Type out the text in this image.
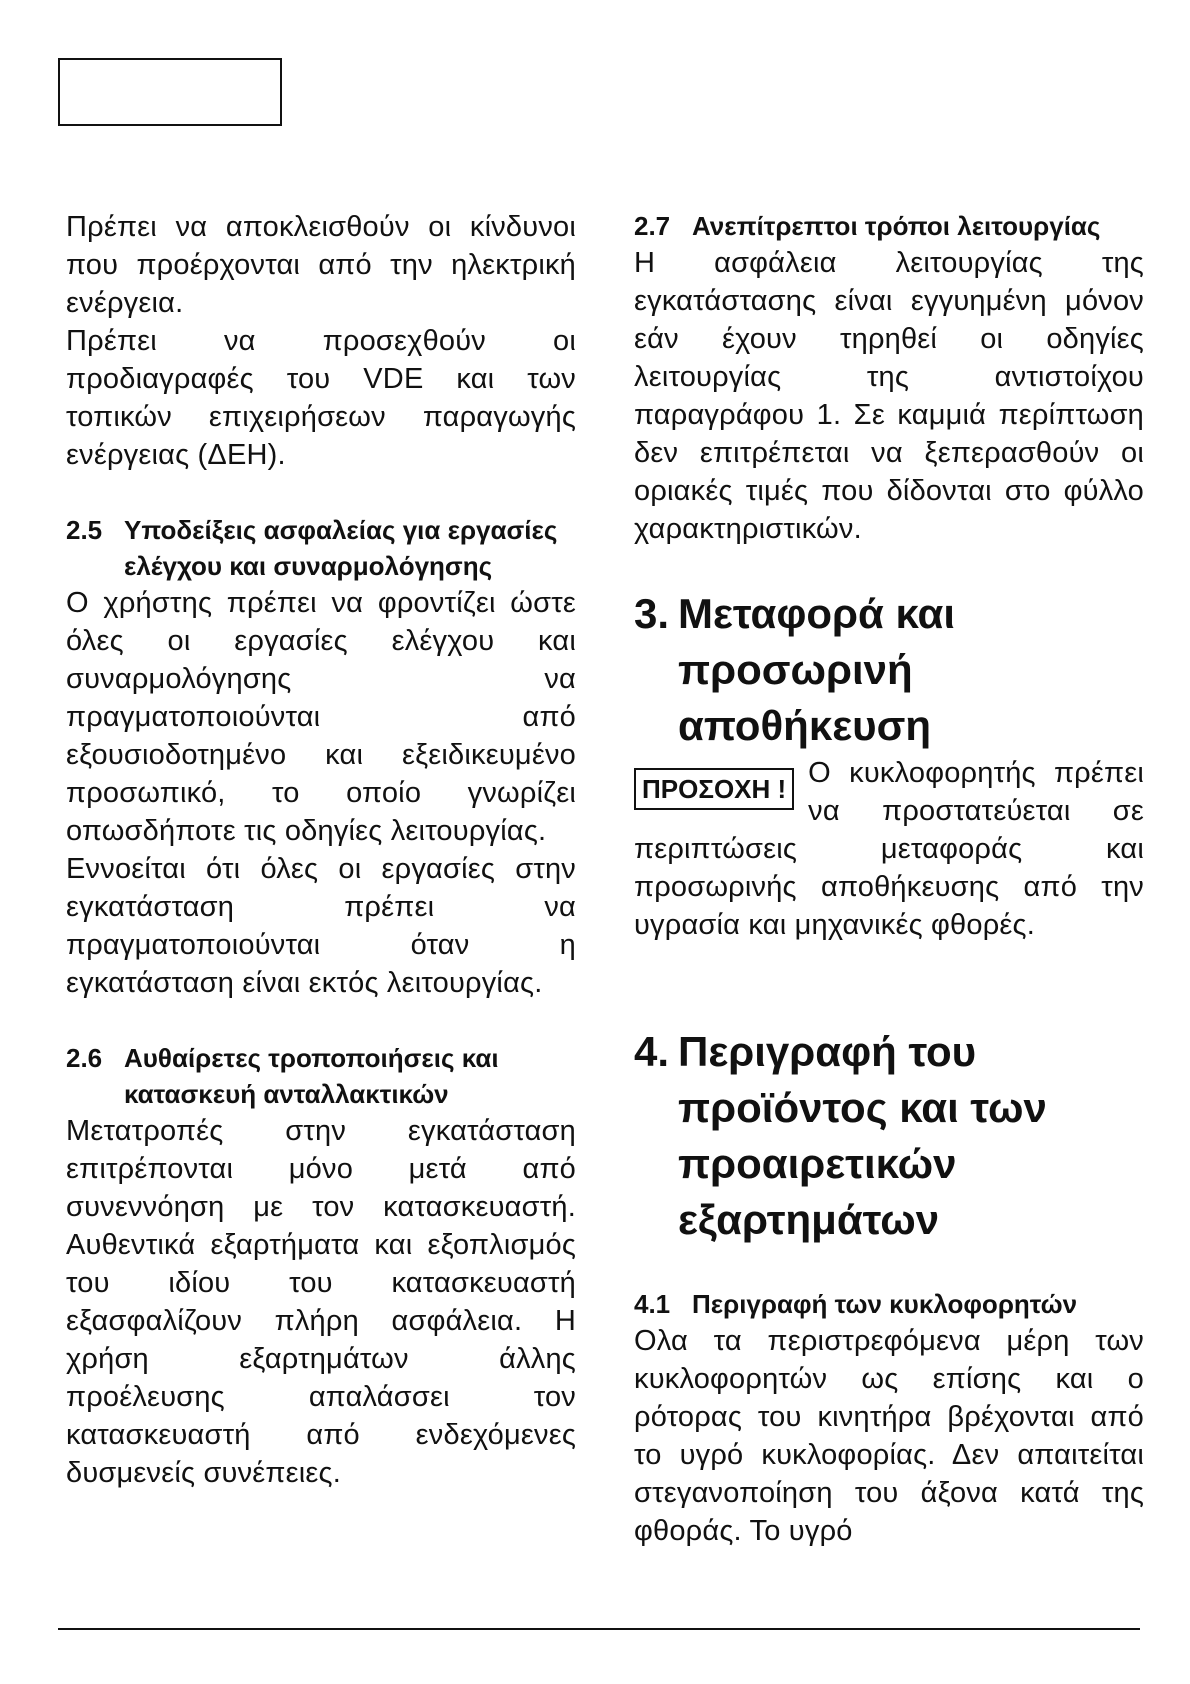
Πρέπει να αποκλεισθούν οι κίνδυνοι που προέρχονται από την ηλεκτρική ενέργεια.

Πρέπει να προσεχθούν οι προδιαγραφές του VDE και των τοπικών επιχειρήσεων παραγωγής ενέργειας (ΔΕΗ).

2.5 Υποδείξεις ασφαλείας για εργασίες ελέγχου και συναρμολόγησης

Ο χρήστης πρέπει να φροντίζει ώστε όλες οι εργασίες ελέγχου και συναρμολόγησης να πραγματοποιούνται από εξουσιοδοτημένο και εξειδικευμένο προσωπικό, το οποίο γνωρίζει οπωσδήποτε τις οδηγίες λειτουργίας.

Εννοείται ότι όλες οι εργασίες στην εγκατάσταση πρέπει να πραγματοποιούνται όταν η εγκατάσταση είναι εκτός λειτουργίας.

2.6 Αυθαίρετες τροποποιήσεις και κατασκευή ανταλλακτικών

Μετατροπές στην εγκατάσταση επιτρέπονται μόνο μετά από συνεννόηση με τον κατασκευαστή. Αυθεντικά εξαρτήματα και εξοπλισμός του ιδίου του κατασκευαστή εξασφαλίζουν πλήρη ασφάλεια. Η χρήση εξαρτημάτων άλλης προέλευσης απαλάσσει τον κατασκευαστή από ενδεχόμενες δυσμενείς συνέπειες.

2.7 Ανεπίτρεπτοι τρόποι λειτουργίας

Η ασφάλεια λειτουργίας της εγκατάστασης είναι εγγυημένη μόνον εάν έχουν τηρηθεί οι οδηγίες λειτουργίας της αντιστοίχου παραγράφου 1. Σε καμμιά περίπτωση δεν επιτρέπεται να ξεπερασθούν οι οριακές τιμές που δίδονται στο φύλλο χαρακτηριστικών.

3. Μεταφορά και προσωρινή αποθήκευση
ΠΡΟΣΟΧΗ ! Ο κυκλοφορητής πρέπει να προστατεύεται σε περιπτώσεις μεταφοράς και προσωρινής αποθήκευσης από την υγρασία και μηχανικές φθορές.

4. Περιγραφή του προϊόντος και των προαιρετικών εξαρτημάτων
4.1 Περιγραφή των κυκλοφορητών

Ολα τα περιστρεφόμενα μέρη των κυκλοφορητών ως επίσης και ο ρότορας του κινητήρα βρέχονται από το υγρό κυκλοφορίας. Δεν απαιτείται στεγανοποίηση του άξονα κατά της φθοράς. Το υγρό
